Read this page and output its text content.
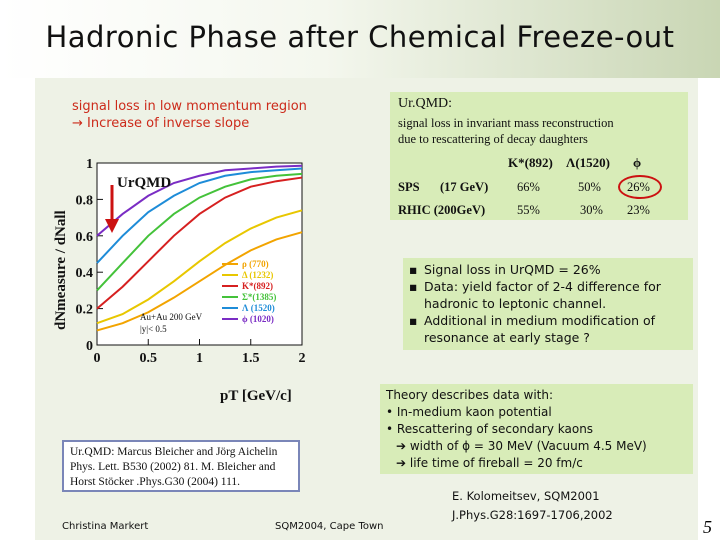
Hadronic Phase after Chemical Freeze-out
signal loss in low momentum region
→ Increase of inverse slope
0	0.5	1	1.5	2
0
0.2
0.4
0.6
0.8
1
ρ (770)
Δ (1232)
K*(892)
Σ*(1385)
Λ (1520)
ϕ (1020)
UrQMD
Au+Au 200 GeV
|y|< 0.5
pT [GeV/c]
dNmeasure / dNall
Ur.QMD:
signal loss in invariant mass reconstruction
due to rescattering of decay daughters
K*(892) Λ(1520) ϕ
SPS (17 GeV) 66%	50% 26%
RHIC (200GeV)	55%	30% 23%
▪ Signal loss in UrQMD = 26%
▪ Data: yield factor of 2-4 difference for hadronic to leptonic channel.
▪ Additional in medium modification of resonance at early stage ?
Theory describes data with:
• In-medium kaon potential
• Rescattering of secondary kaons
➔ width of ϕ = 30 MeV (Vacuum 4.5 MeV)
➔ life time of fireball = 20 fm/c
Ur.QMD: Marcus Bleicher and Jörg Aichelin
Phys. Lett. B530 (2002) 81. M. Bleicher and
Horst Stöcker .Phys.G30 (2004) 111.
E. Kolomeitsev, SQM2001
J.Phys.G28:1697-1706,2002
Christina Markert	SQM2004, Cape Town	5
